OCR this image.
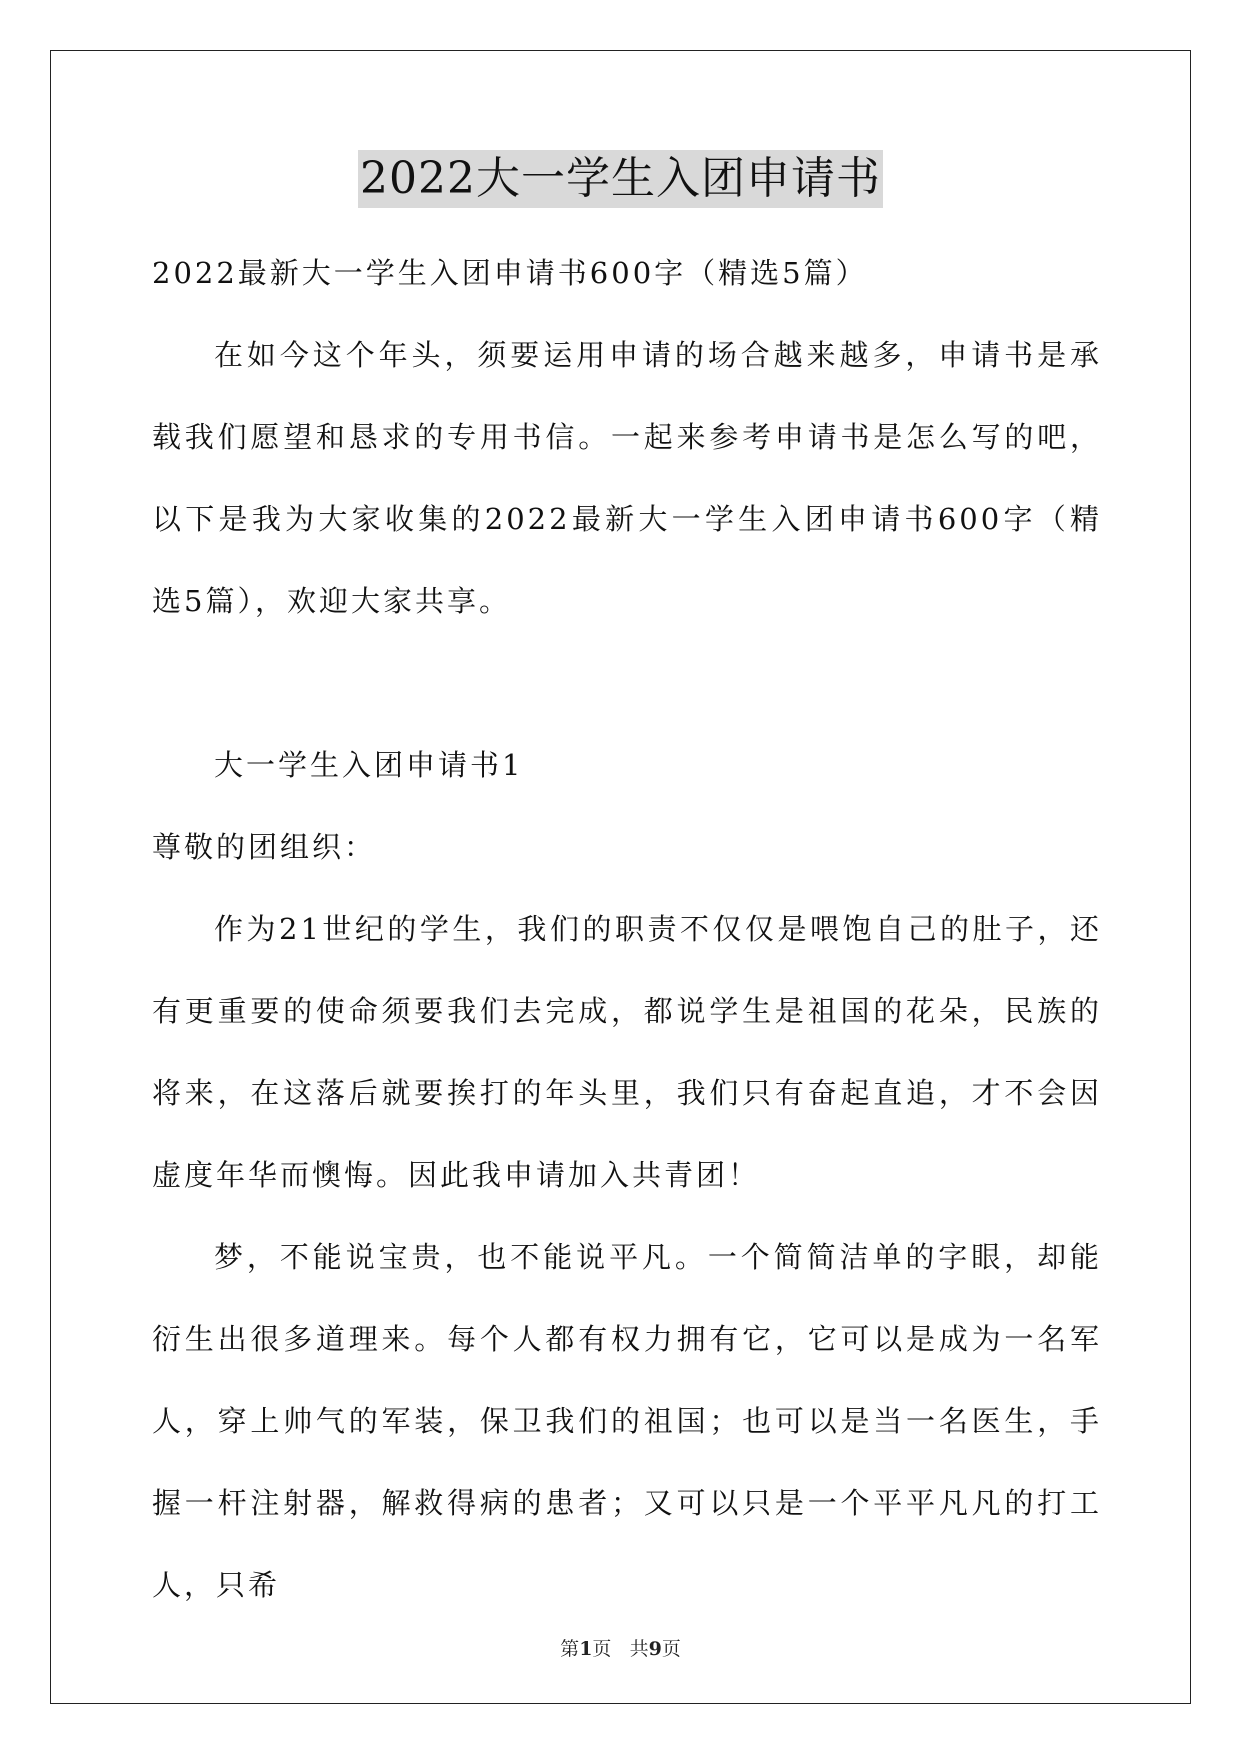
2022大一学生入团申请书

2022最新大一学生入团申请书600字（精选5篇）

在如今这个年头，须要运用申请的场合越来越多，申请书是承载我们愿望和恳求的专用书信。一起来参考申请书是怎么写的吧，以下是我为大家收集的2022最新大一学生入团申请书600字（精选5篇），欢迎大家共享。

大一学生入团申请书1

尊敬的团组织：

作为21世纪的学生，我们的职责不仅仅是喂饱自己的肚子，还有更重要的使命须要我们去完成，都说学生是祖国的花朵，民族的将来，在这落后就要挨打的年头里，我们只有奋起直追，才不会因虚度年华而懊悔。因此我申请加入共青团！

梦，不能说宝贵，也不能说平凡。一个简简洁单的字眼，却能衍生出很多道理来。每个人都有权力拥有它，它可以是成为一名军人，穿上帅气的军装，保卫我们的祖国；也可以是当一名医生，手握一杆注射器，解救得病的患者；又可以只是一个平平凡凡的打工人，只希

第1页 共9页
